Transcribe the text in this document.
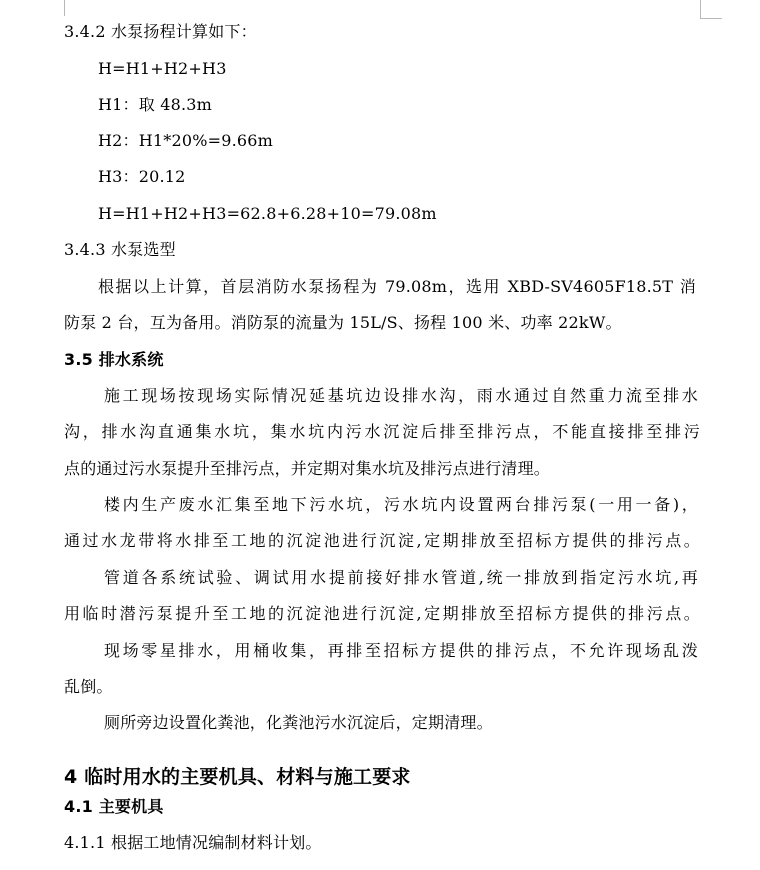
3.4.2 水泵扬程计算如下：
H=H1+H2+H3
H1：取 48.3m
H2：H1*20%=9.66m
H3：20.12
H=H1+H2+H3=62.8+6.28+10=79.08m
3.4.3 水泵选型
根据以上计算，首层消防水泵扬程为 79.08m，选用 XBD-SV4605F18.5T 消
防泵 2 台，互为备用。消防泵的流量为 15L/S、扬程 100 米、功率 22kW。
3.5 排水系统
施工现场按现场实际情况延基坑边设排水沟，雨水通过自然重力流至排水
沟，排水沟直通集水坑，集水坑内污水沉淀后排至排污点，不能直接排至排污
点的通过污水泵提升至排污点，并定期对集水坑及排污点进行清理。
楼内生产废水汇集至地下污水坑，污水坑内设置两台排污泵(一用一备)，
通过水龙带将水排至工地的沉淀池进行沉淀,定期排放至招标方提供的排污点。
管道各系统试验、调试用水提前接好排水管道,统一排放到指定污水坑,再
用临时潜污泵提升至工地的沉淀池进行沉淀,定期排放至招标方提供的排污点。
现场零星排水，用桶收集，再排至招标方提供的排污点，不允许现场乱泼
乱倒。
厕所旁边设置化粪池，化粪池污水沉淀后，定期清理。
4 临时用水的主要机具、材料与施工要求
4.1 主要机具
4.1.1 根据工地情况编制材料计划。
